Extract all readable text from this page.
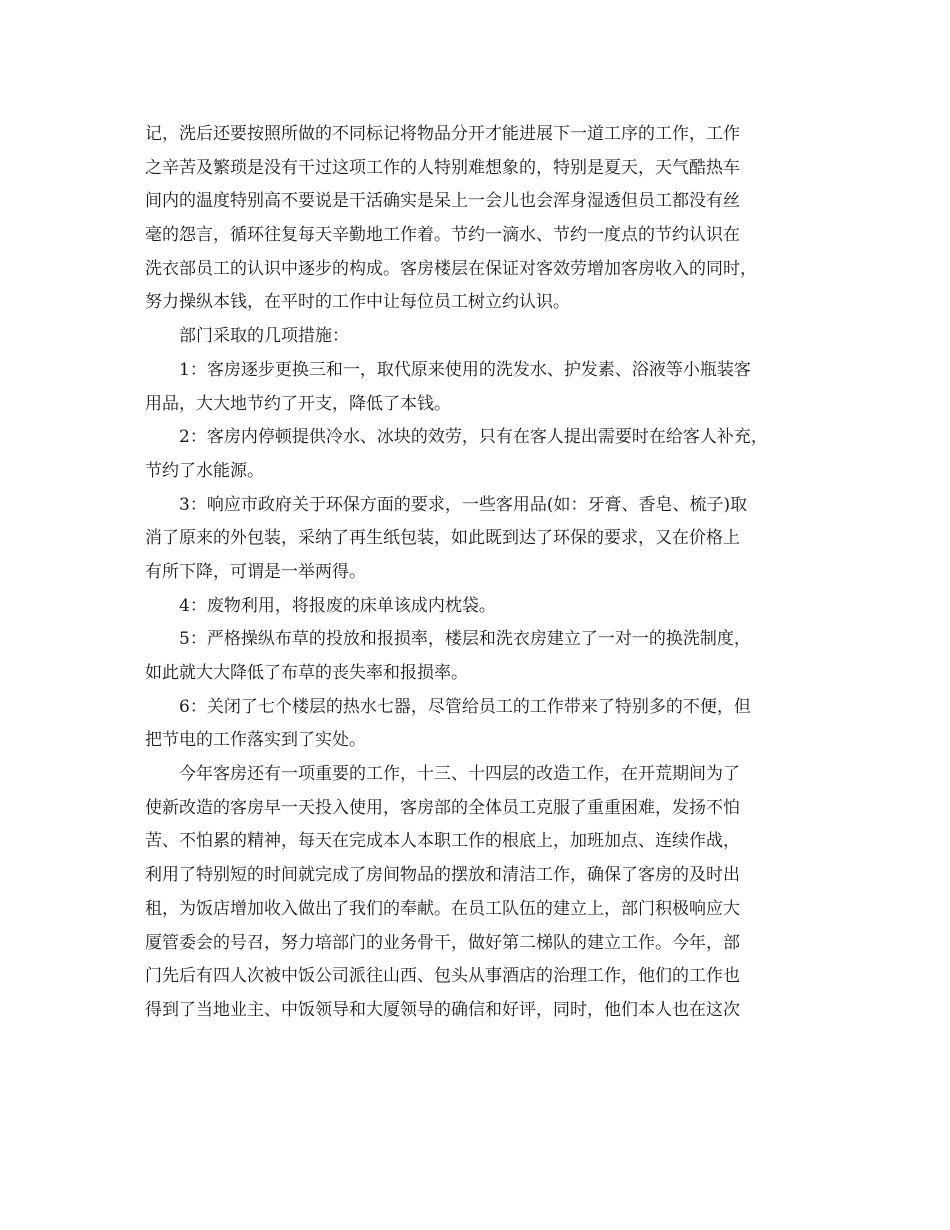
记，洗后还要按照所做的不同标记将物品分开才能进展下一道工序的工作，工作
之辛苦及繁琐是没有干过这项工作的人特别难想象的，特别是夏天，天气酷热车
间内的温度特别高不要说是干活确实是呆上一会儿也会浑身湿透但员工都没有丝
毫的怨言，循环往复每天辛勤地工作着。节约一滴水、节约一度点的节约认识在
洗衣部员工的认识中逐步的构成。客房楼层在保证对客效劳增加客房收入的同时，
努力操纵本钱，在平时的工作中让每位员工树立约认识。
部门采取的几项措施：
1：客房逐步更换三和一，取代原来使用的洗发水、护发素、浴液等小瓶装客
用品，大大地节约了开支，降低了本钱。
2：客房内停顿提供冷水、冰块的效劳，只有在客人提出需要时在给客人补充，
节约了水能源。
3：响应市政府关于环保方面的要求，一些客用品(如：牙膏、香皂、梳子)取
消了原来的外包装，采纳了再生纸包装，如此既到达了环保的要求，又在价格上
有所下降，可谓是一举两得。
4：废物利用，将报废的床单该成内枕袋。
5：严格操纵布草的投放和报损率，楼层和洗衣房建立了一对一的换洗制度，
如此就大大降低了布草的丧失率和报损率。
6：关闭了七个楼层的热水七器，尽管给员工的工作带来了特别多的不便，但
把节电的工作落实到了实处。
今年客房还有一项重要的工作，十三、十四层的改造工作，在开荒期间为了
使新改造的客房早一天投入使用，客房部的全体员工克服了重重困难，发扬不怕
苦、不怕累的精神，每天在完成本人本职工作的根底上，加班加点、连续作战，
利用了特别短的时间就完成了房间物品的摆放和清洁工作，确保了客房的及时出
租，为饭店增加收入做出了我们的奉献。在员工队伍的建立上，部门积极响应大
厦管委会的号召，努力培部门的业务骨干，做好第二梯队的建立工作。今年，部
门先后有四人次被中饭公司派往山西、包头从事酒店的治理工作，他们的工作也
得到了当地业主、中饭领导和大厦领导的确信和好评，同时，他们本人也在这次
